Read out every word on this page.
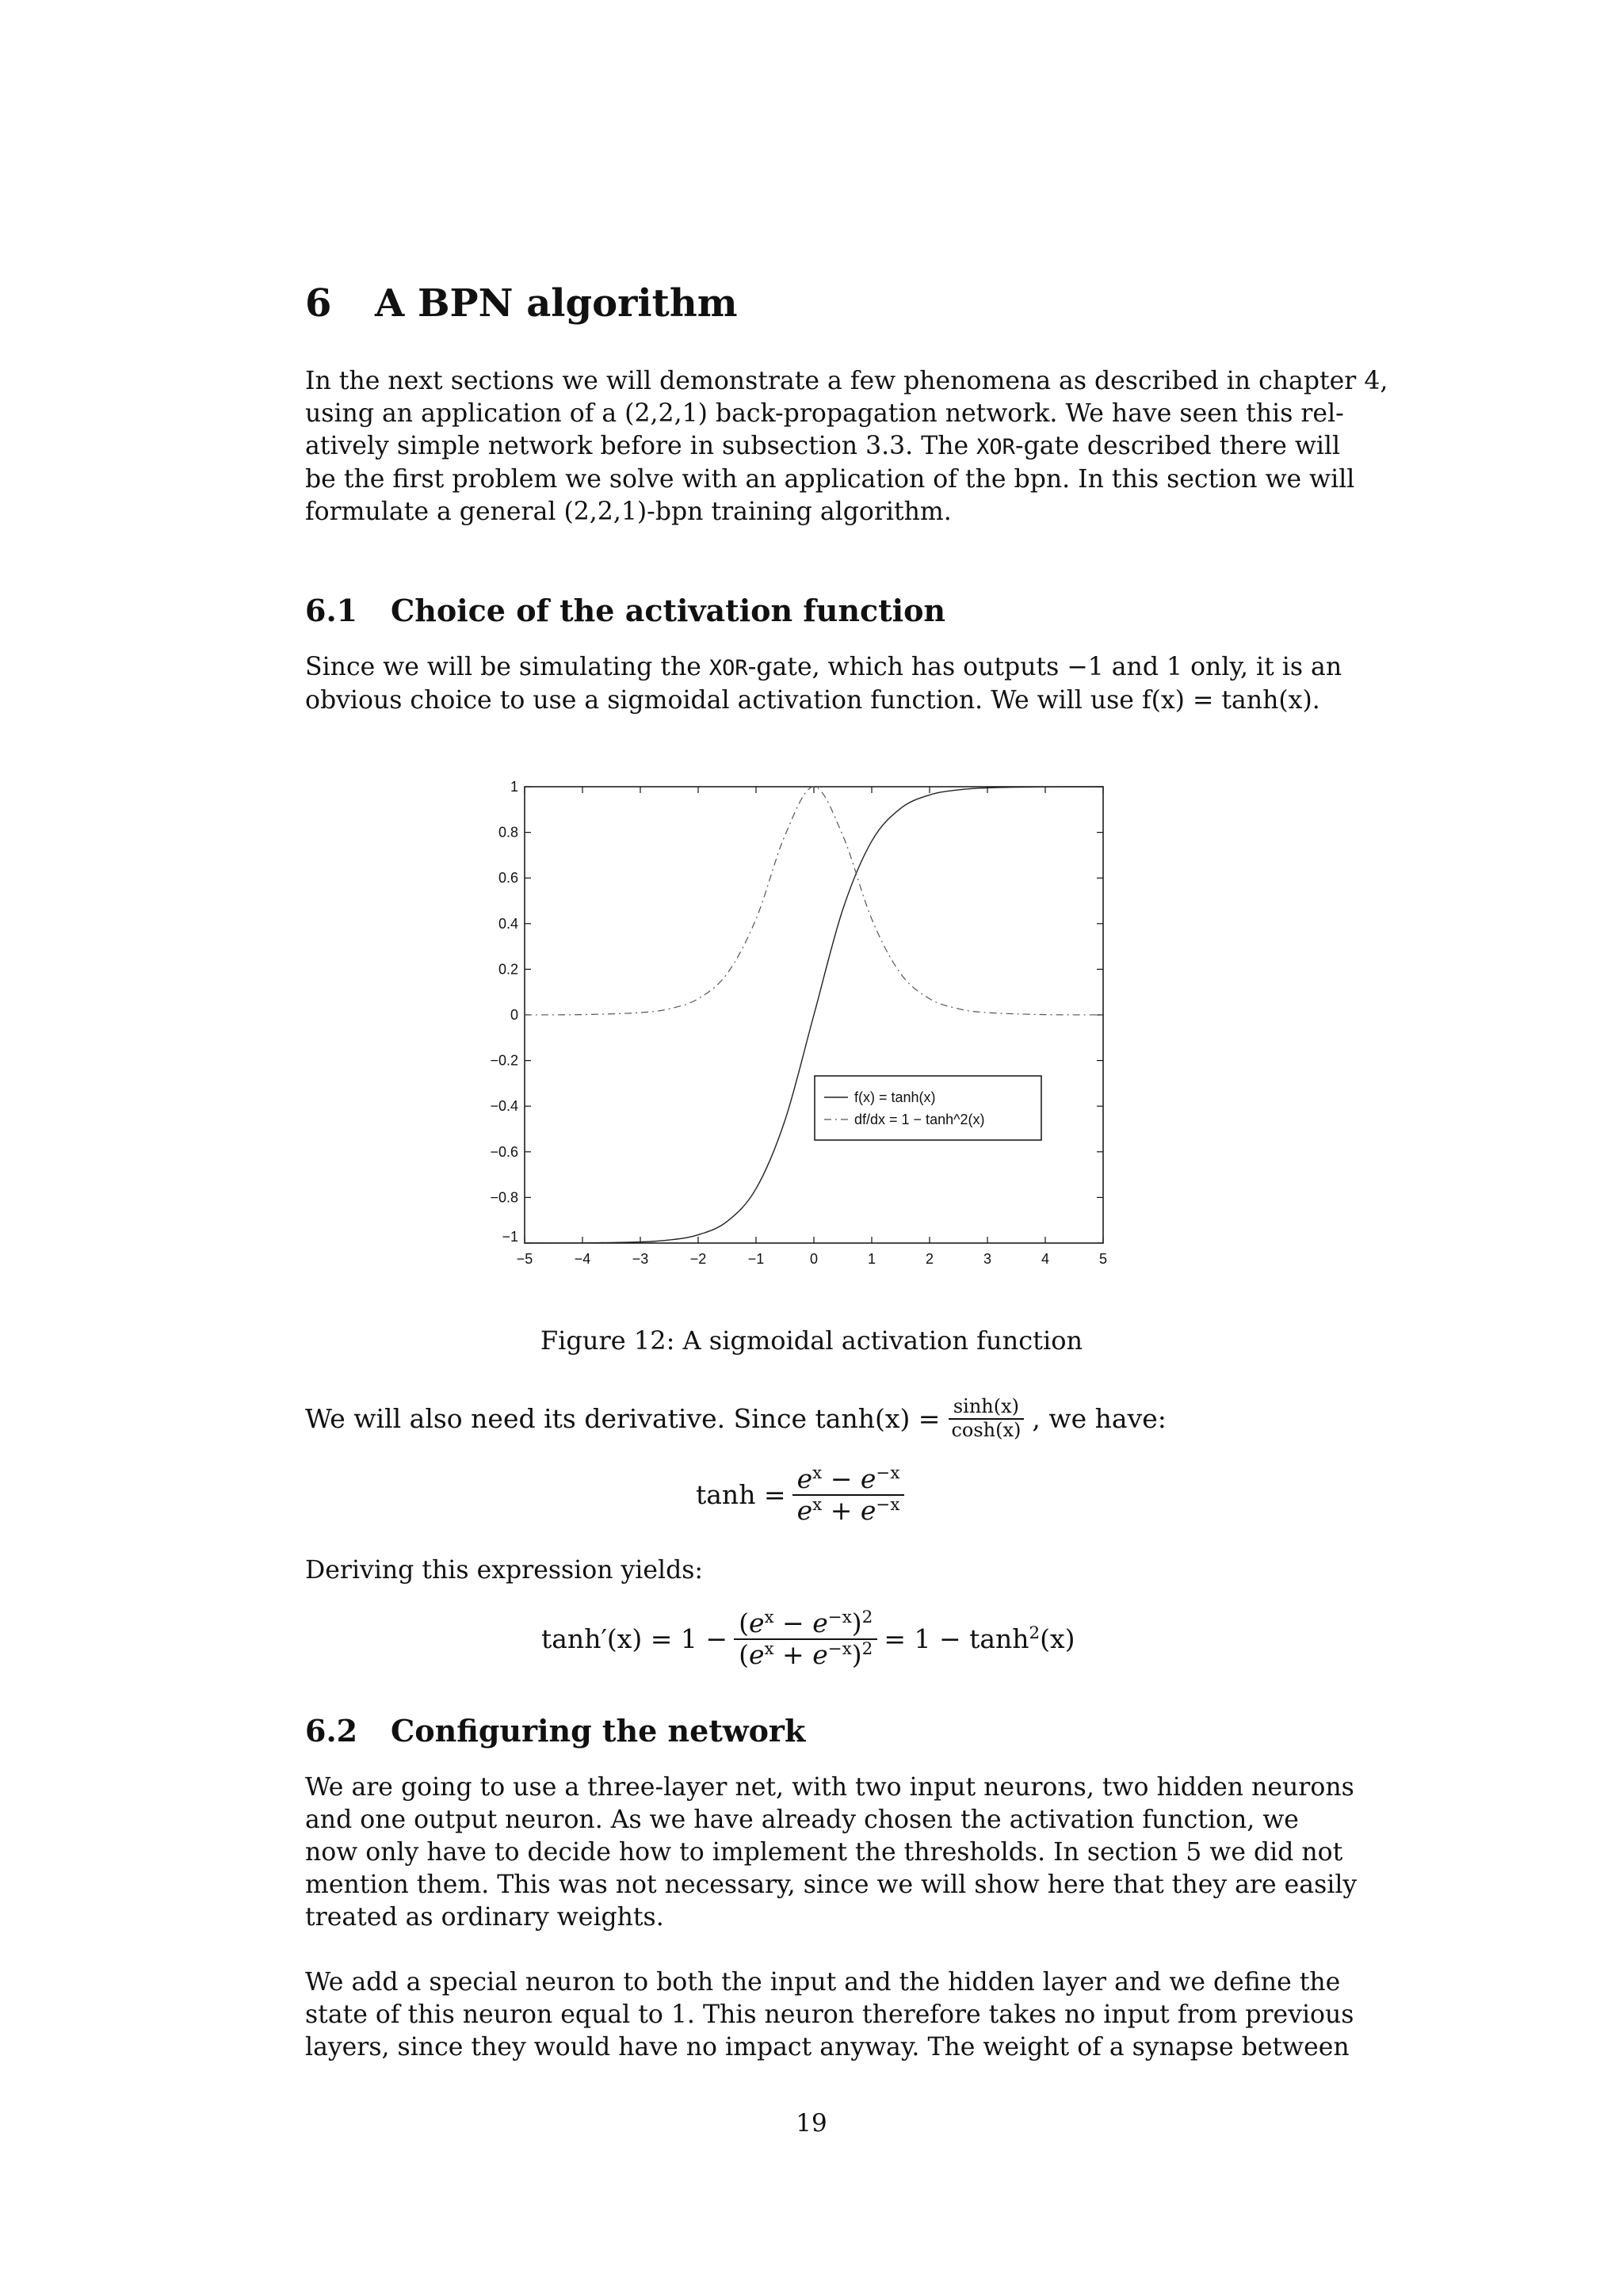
6 A BPN algorithm
In the next sections we will demonstrate a few phenomena as described in chapter 4,
using an application of a (2,2,1) back-propagation network. We have seen this rel-
atively simple network before in subsection 3.3. The XOR-gate described there will
be the first problem we solve with an application of the bpn. In this section we will
formulate a general (2,2,1)-bpn training algorithm.
6.1 Choice of the activation function
Since we will be simulating the XOR-gate, which has outputs −1 and 1 only, it is an
obvious choice to use a sigmoidal activation function. We will use f(x) = tanh(x).
−5	−4	−3	−2	−1	0	1	2	3	4	5
1
0.8
0.6
0.4
0.2
0
−0.2
−0.4
−0.6
−0.8
−1
f(x) = tanh(x)
df/dx = 1 − tanh^2(x)
Figure 12: A sigmoidal activation function
We will also need its derivative. Since $\tanh(x) = \frac{\sinh(x)}{\cosh(x)}$ , we have:
$\tanh = \frac{e^x - e^{-x}}{e^x + e^{-x}}$
Deriving this expression yields:
$\tanh'(x) = 1 - \frac{(e^x - e^{-x})^2}{(e^x + e^{-x})^2} = 1 - \tanh^2(x)$
6.2 Configuring the network
We are going to use a three-layer net, with two input neurons, two hidden neurons
and one output neuron. As we have already chosen the activation function, we
now only have to decide how to implement the thresholds. In section 5 we did not
mention them. This was not necessary, since we will show here that they are easily
treated as ordinary weights.
We add a special neuron to both the input and the hidden layer and we define the
state of this neuron equal to 1. This neuron therefore takes no input from previous
layers, since they would have no impact anyway. The weight of a synapse between
19
